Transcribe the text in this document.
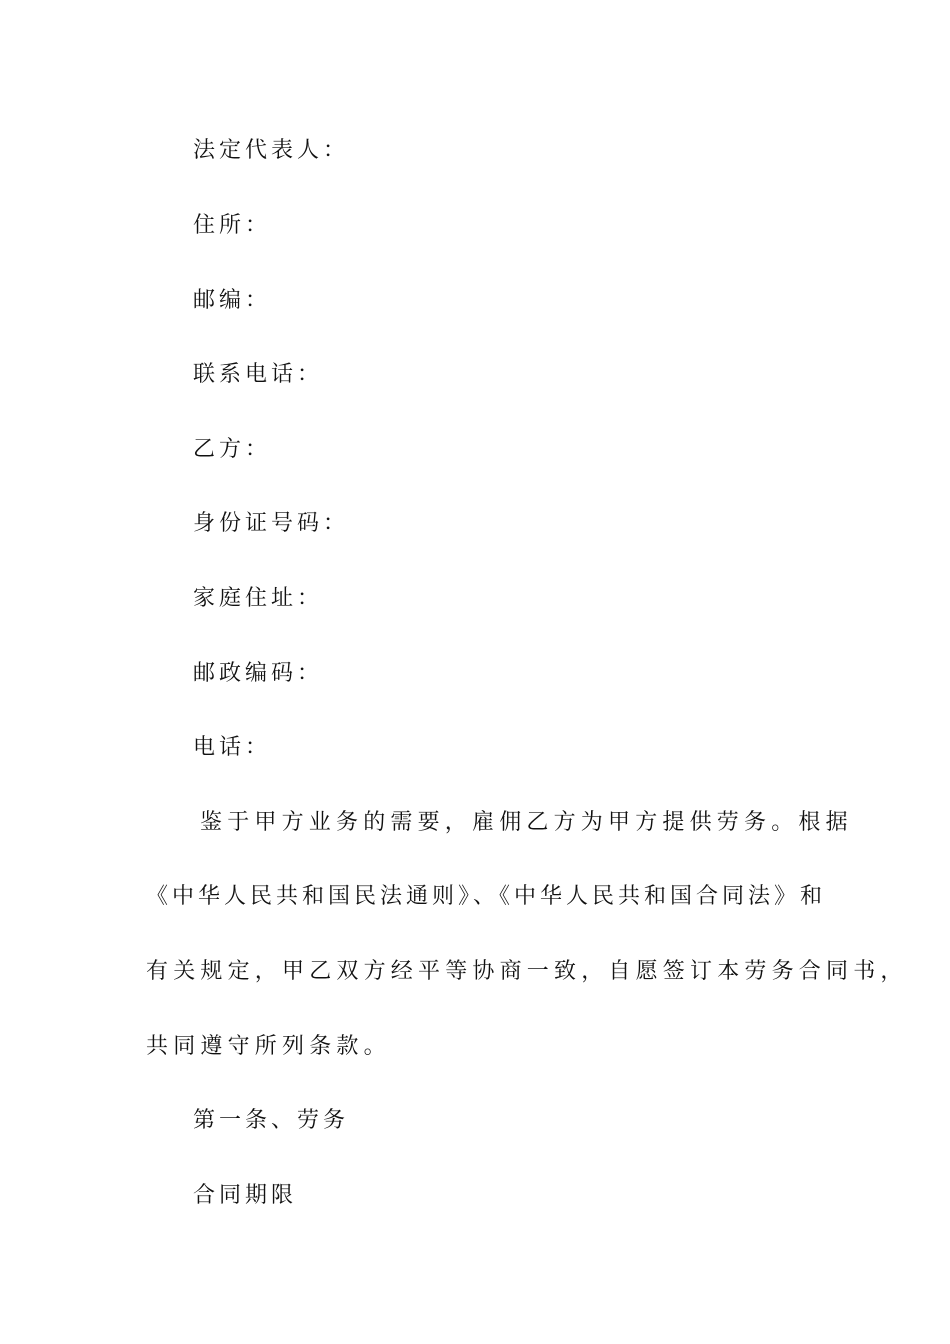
法定代表人：
住所：
邮编：
联系电话：
乙方：
身份证号码：
家庭住址：
邮政编码：
电话：
鉴于甲方业务的需要，雇佣乙方为甲方提供劳务。根据
《中华人民共和国民法通则》、《中华人民共和国合同法》和
有关规定，甲乙双方经平等协商一致，自愿签订本劳务合同书，
共同遵守所列条款。
第一条、劳务
合同期限
